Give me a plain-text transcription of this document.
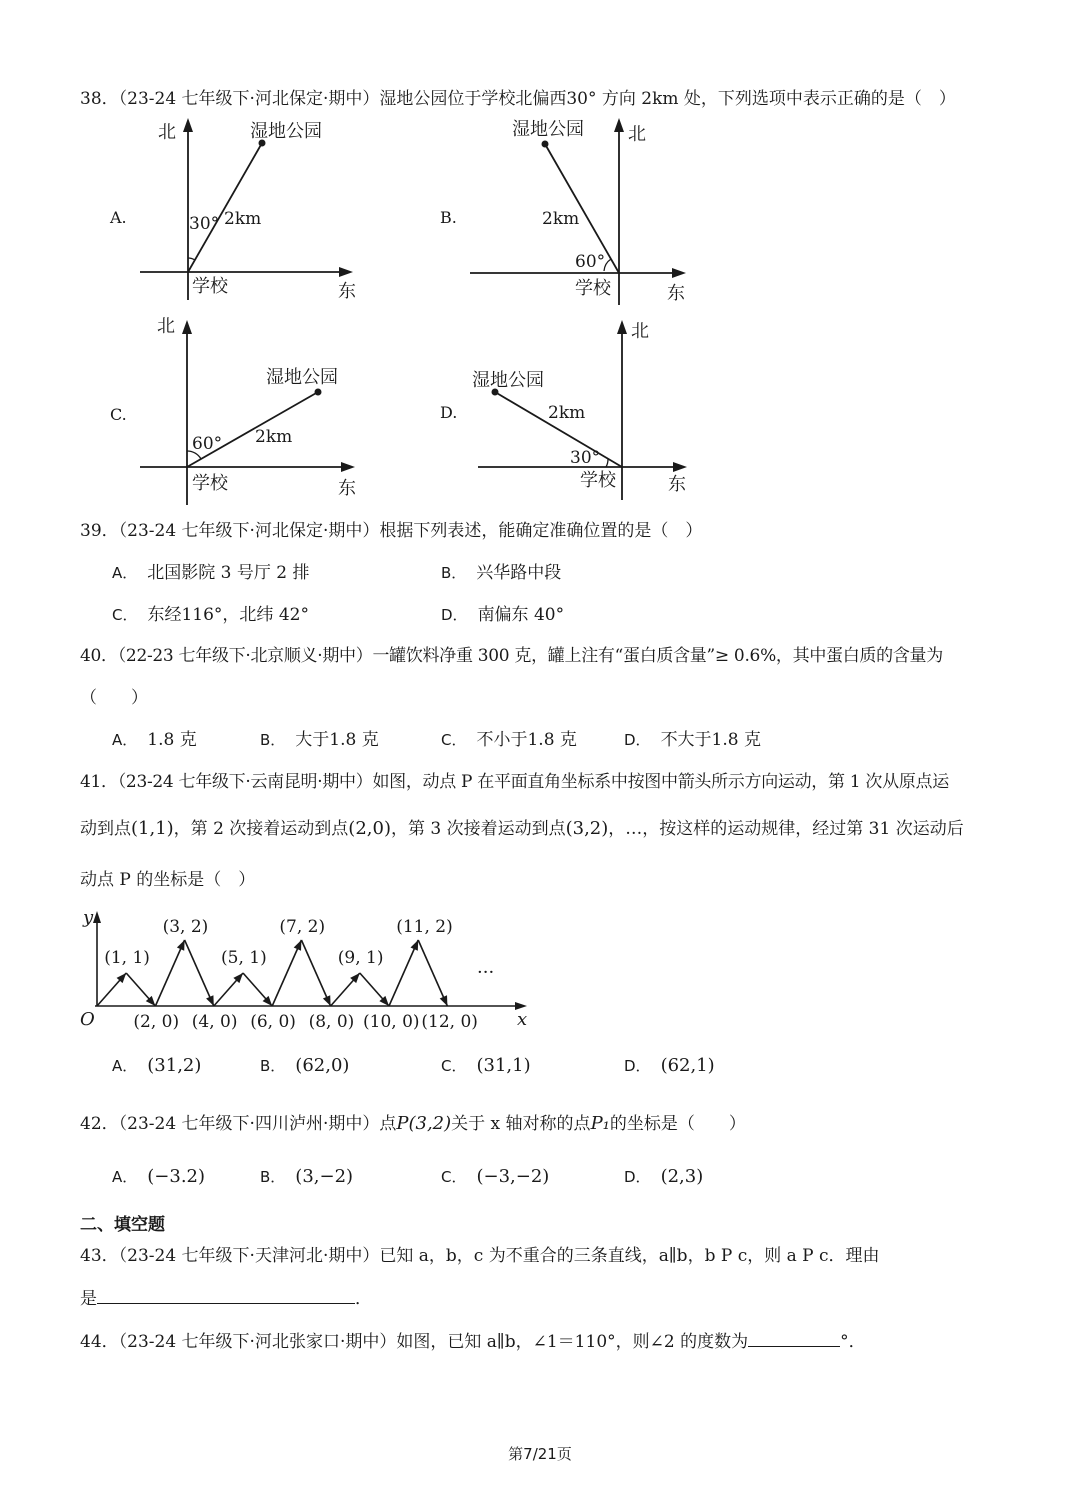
38．（23-24 七年级下·河北保定·期中）湿地公园位于学校北偏西30° 方向 2km 处，下列选项中表示正确的是（　）
A.
北	湿地公园
30° 2km
学校	东
B.
湿地公园 北
2km
60°
学校	东
C.
北
湿地公园
60° 2km
学校	东
D.
北
湿地公园
2km
30°
学校	东
39．（23-24 七年级下·河北保定·期中）根据下列表述，能确定准确位置的是（　）
A． 北国影院 3 号厅 2 排	B． 兴华路中段
C． 东经116°，北纬 42°	D． 南偏东 40°
40．（22-23 七年级下·北京顺义·期中）一罐饮料净重 300 克，罐上注有“蛋白质含量”≥ 0.6%，其中蛋白质的含量为
（　　）
A． 1.8 克	B． 大于1.8 克	C． 不小于1.8 克	D． 不大于1.8 克
41．（23-24 七年级下·云南昆明·期中）如图，动点 P 在平面直角坐标系中按图中箭头所示方向运动，第 1 次从原点运
动到点(1,1)，第 2 次接着运动到点(2,0)，第 3 次接着运动到点(3,2)，…，按这样的运动规律，经过第 31 次运动后
动点 P 的坐标是（　）
y
x
O
···
(1, 1)
(2, 0)
(3, 2)
(4, 0)
(5, 1)
(6, 0)
(7, 2)
(8, 0)
(9, 1)
(10, 0)
(11, 2)
(12, 0)
A． (31,2)	B． (62,0)	C． (31,1)	D． (62,1)
42．（23-24 七年级下·四川泸州·期中）点P(3,2)关于 x 轴对称的点P₁的坐标是（　　）
A． (−3.2)	B． (3,−2)	C． (−3,−2)	D． (2,3)
二、填空题
43．（23-24 七年级下·天津河北·期中）已知 a，b，c 为不重合的三条直线，a∥b，b P c，则 a P c．理由
是	．
44．（23-24 七年级下·河北张家口·期中）如图，已知 a∥b，∠1＝110°，则∠2 的度数为	°．
第7/21页
